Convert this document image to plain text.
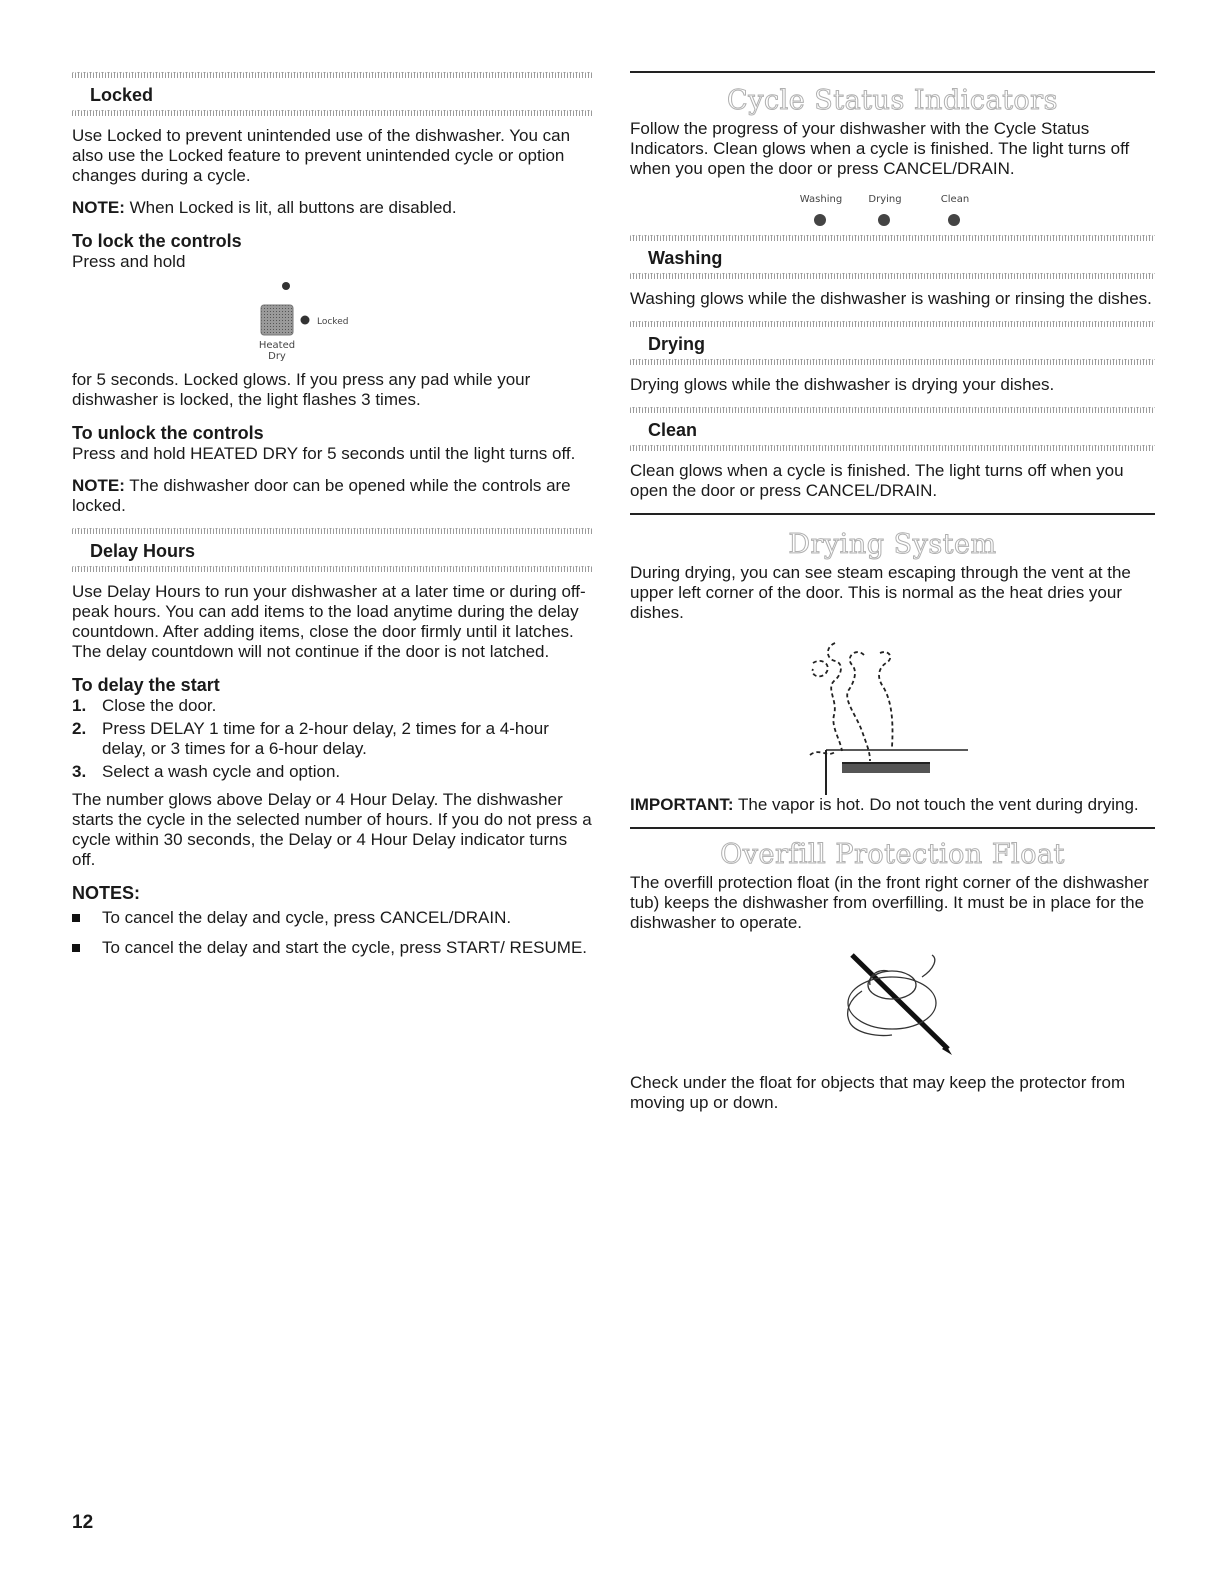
Locked

Use Locked to prevent unintended use of the dishwasher. You can also use the Locked feature to prevent unintended cycle or option changes during a cycle.

NOTE: When Locked is lit, all buttons are disabled.

To lock the controls

Press and hold

Locked
Heated
Dry

for 5 seconds. Locked glows. If you press any pad while your dishwasher is locked, the light flashes 3 times.

To unlock the controls

Press and hold HEATED DRY for 5 seconds until the light turns off.

NOTE: The dishwasher door can be opened while the controls are locked.

Delay Hours

Use Delay Hours to run your dishwasher at a later time or during off-peak hours. You can add items to the load anytime during the delay countdown. After adding items, close the door firmly until it latches. The delay countdown will not continue if the door is not latched.

To delay the start

1. Close the door.
2. Press DELAY 1 time for a 2-hour delay, 2 times for a 4-hour delay, or 3 times for a 6-hour delay.
3. Select a wash cycle and option.

The number glows above Delay or 4 Hour Delay. The dishwasher starts the cycle in the selected number of hours. If you do not press a cycle within 30 seconds, the Delay or 4 Hour Delay indicator turns off.

NOTES:

To cancel the delay and cycle, press CANCEL/DRAIN.
To cancel the delay and start the cycle, press START/ RESUME.
Cycle Status Indicators

Follow the progress of your dishwasher with the Cycle Status Indicators. Clean glows when a cycle is finished. The light turns off when you open the door or press CANCEL/DRAIN.

Washing	Drying	Clean
Washing

Washing glows while the dishwasher is washing or rinsing the dishes.

Drying

Drying glows while the dishwasher is drying your dishes.

Clean

Clean glows when a cycle is finished. The light turns off when you open the door or press CANCEL/DRAIN.

Drying System

During drying, you can see steam escaping through the vent at the upper left corner of the door. This is normal as the heat dries your dishes.

IMPORTANT: The vapor is hot. Do not touch the vent during drying.

Overfill Protection Float

The overfill protection float (in the front right corner of the dishwasher tub) keeps the dishwasher from overfilling. It must be in place for the dishwasher to operate.

Check under the float for objects that may keep the protector from moving up or down.

12
